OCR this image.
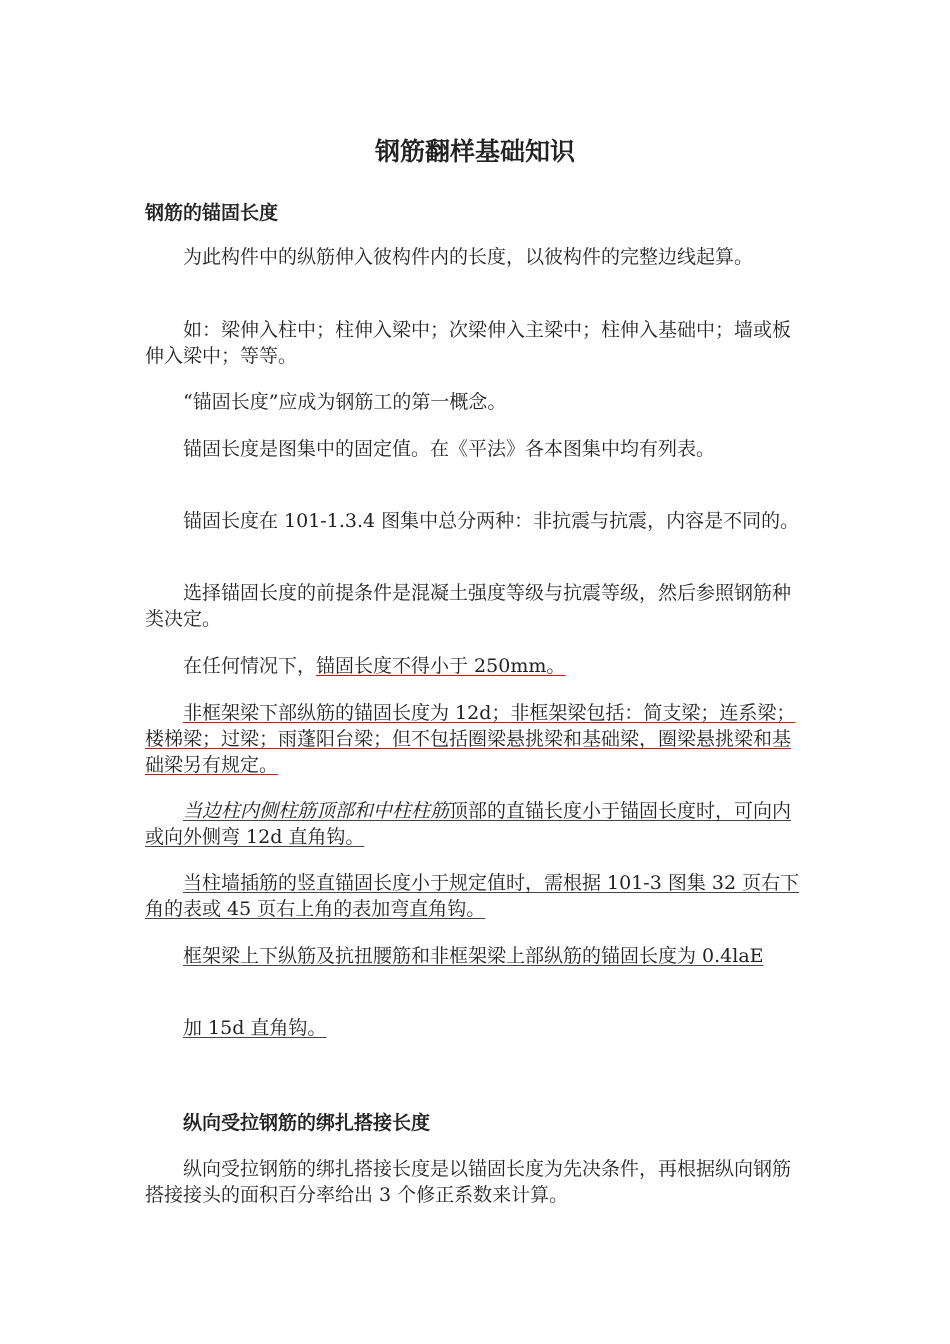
钢筋翻样基础知识
钢筋的锚固长度

为此构件中的纵筋伸入彼构件内的长度，以彼构件的完整边线起算。

如：梁伸入柱中；柱伸入梁中；次梁伸入主梁中；柱伸入基础中；墙或板伸入梁中；等等。

“锚固长度”应成为钢筋工的第一概念。

锚固长度是图集中的固定值。在《平法》各本图集中均有列表。

锚固长度在 101-1.3.4 图集中总分两种：非抗震与抗震，内容是不同的。

选择锚固长度的前提条件是混凝土强度等级与抗震等级，然后参照钢筋种类决定。

在任何情况下，锚固长度不得小于 250mm。

非框架梁下部纵筋的锚固长度为 12d；非框架梁包括：简支梁；连系梁；楼梯梁；过梁；雨蓬阳台梁；但不包括圈梁悬挑梁和基础梁，圈梁悬挑梁和基础梁另有规定。

当边柱内侧柱筋顶部和中柱柱筋顶部的直锚长度小于锚固长度时，可向内或向外侧弯 12d 直角钩。

当柱墙插筋的竖直锚固长度小于规定值时，需根据 101-3 图集 32 页右下角的表或 45 页右上角的表加弯直角钩。

框架梁上下纵筋及抗扭腰筋和非框架梁上部纵筋的锚固长度为 0.4laE

加 15d 直角钩。

纵向受拉钢筋的绑扎搭接长度

纵向受拉钢筋的绑扎搭接长度是以锚固长度为先决条件，再根据纵向钢筋搭接接头的面积百分率给出 3 个修正系数来计算。
